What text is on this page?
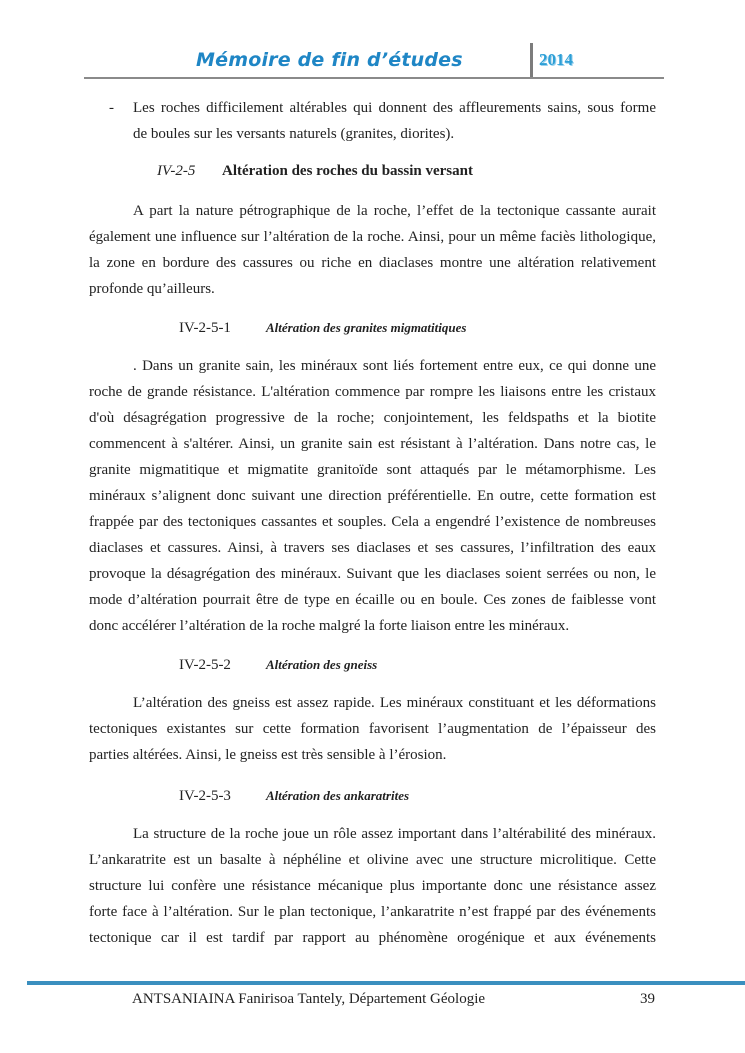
Mémoire de fin d’études	2014
- Les roches difficilement altérables qui donnent des affleurements sains, sous forme
de boules sur les versants naturels (granites, diorites).
IV-2-5 Altération des roches du bassin versant
A part la nature pétrographique de la roche, l’effet de la tectonique cassante aurait
également une influence sur l’altération de la roche. Ainsi, pour un même faciès lithologique,
la zone en bordure des cassures ou riche en diaclases montre une altération relativement
profonde qu’ailleurs.
IV-2-5-1	Altération des granites migmatitiques
. Dans un granite sain, les minéraux sont liés fortement entre eux, ce qui donne une
roche de grande résistance. L'altération commence par rompre les liaisons entre les cristaux
d'où désagrégation progressive de la roche; conjointement, les feldspaths et la biotite
commencent à s'altérer. Ainsi, un granite sain est résistant à l’altération. Dans notre cas, le
granite migmatitique et migmatite granitoïde sont attaqués par le métamorphisme. Les
minéraux s’alignent donc suivant une direction préférentielle. En outre, cette formation est
frappée par des tectoniques cassantes et souples. Cela a engendré l’existence de nombreuses
diaclases et cassures. Ainsi, à travers ses diaclases et ses cassures, l’infiltration des eaux
provoque la désagrégation des minéraux. Suivant que les diaclases soient serrées ou non, le
mode d’altération pourrait être de type en écaille ou en boule. Ces zones de faiblesse vont
donc accélérer l’altération de la roche malgré la forte liaison entre les minéraux.
IV-2-5-2	Altération des gneiss
L’altération des gneiss est assez rapide. Les minéraux constituant et les déformations
tectoniques existantes sur cette formation favorisent l’augmentation de l’épaisseur des
parties altérées. Ainsi, le gneiss est très sensible à l’érosion.
IV-2-5-3	Altération des ankaratrites
La structure de la roche joue un rôle assez important dans l’altérabilité des minéraux.
L’ankaratrite est un basalte à néphéline et olivine avec une structure microlitique. Cette
structure lui confère une résistance mécanique plus importante donc une résistance assez
forte face à l’altération. Sur le plan tectonique, l’ankaratrite n’est frappé par des événements
tectonique car il est tardif par rapport au phénomène orogénique et aux événements
ANTSANIAINA Fanirisoa Tantely, Département Géologie	39
